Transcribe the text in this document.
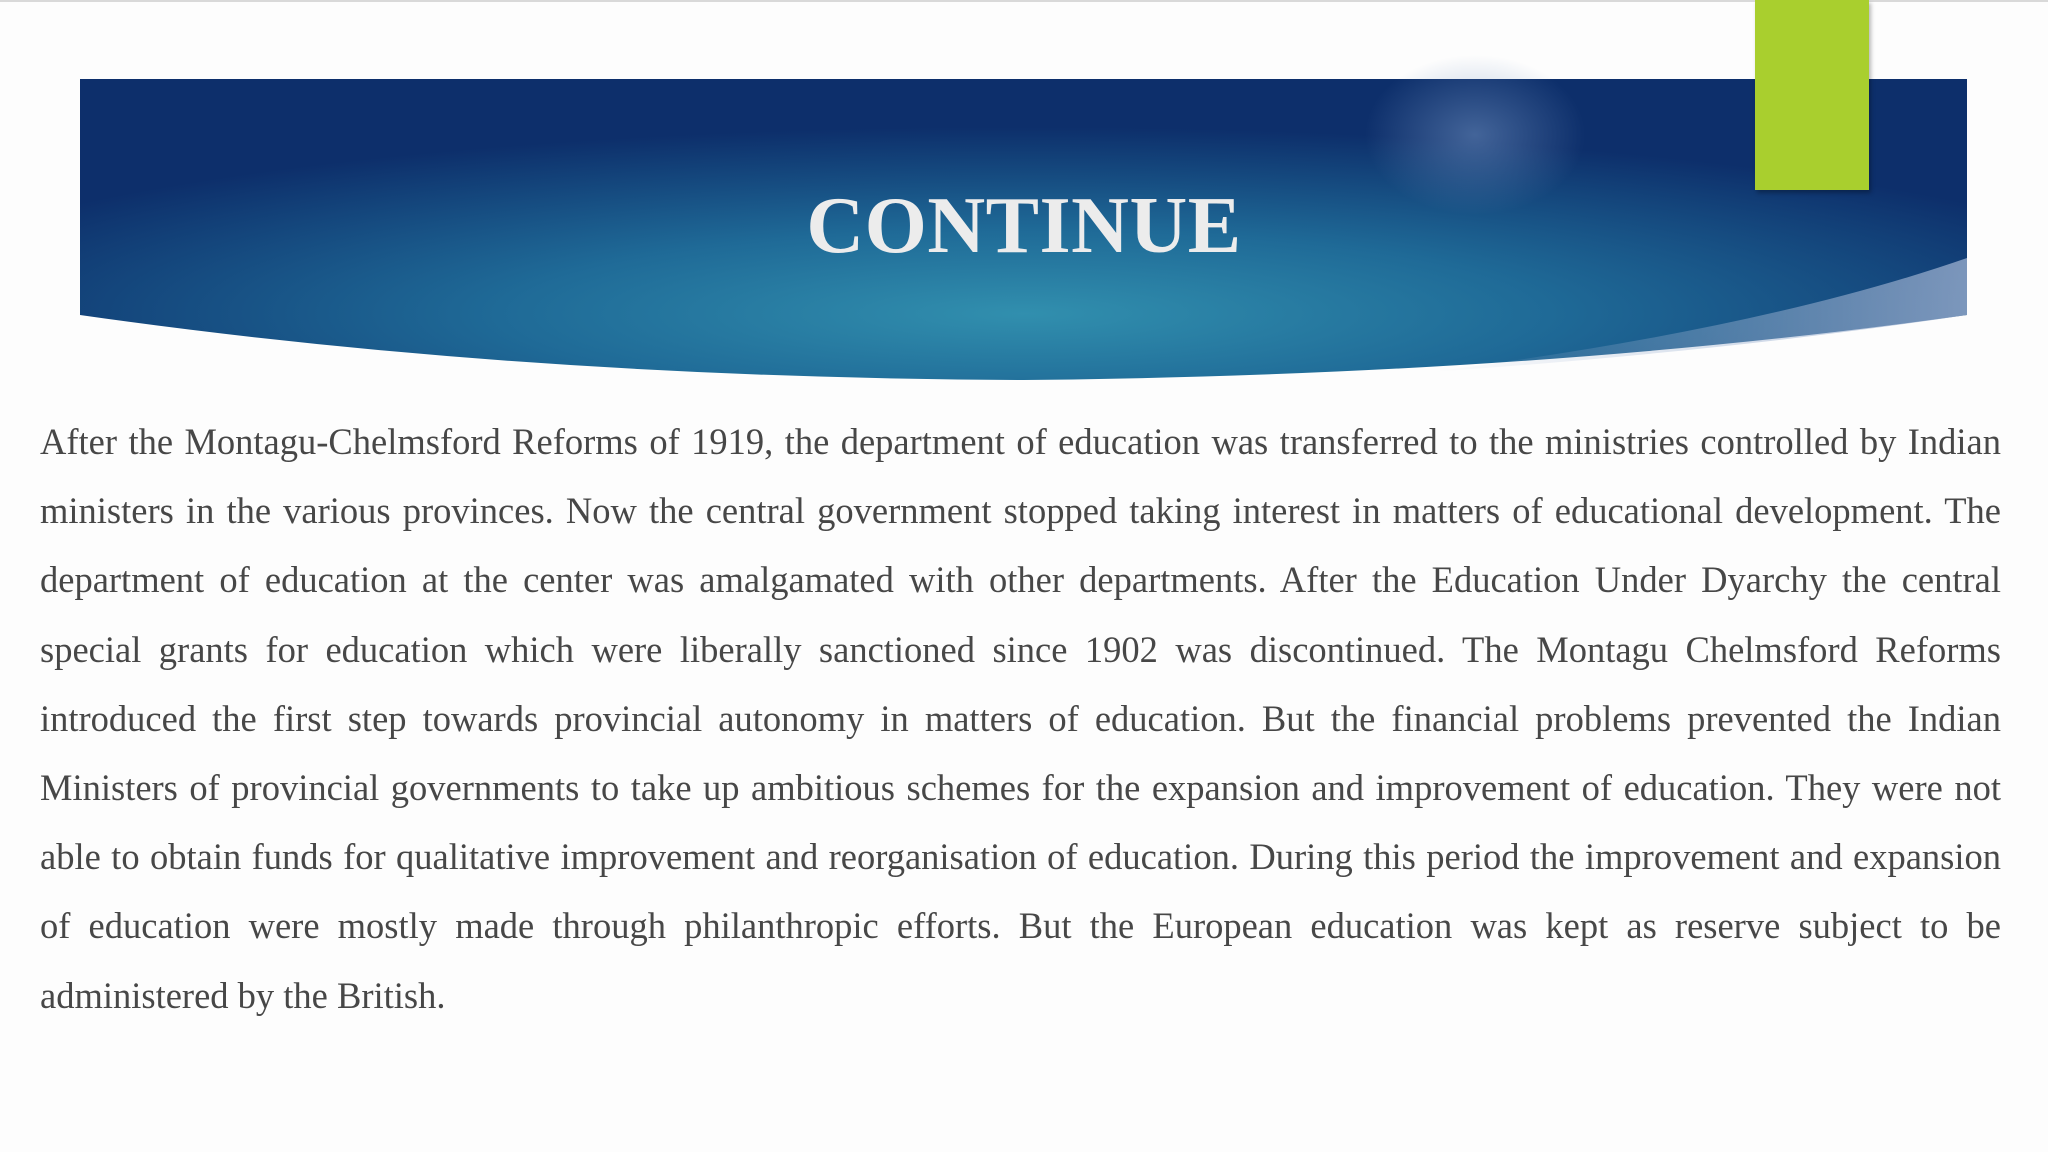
CONTINUE

After the Montagu-Chelmsford Reforms of 1919, the department of education was transferred to the ministries controlled by Indian ministers in the various provinces. Now the central government stopped taking interest in matters of educational development. The department of education at the center was amalgamated with other departments. After the Education Under Dyarchy the central special grants for education which were liberally sanctioned since 1902 was discontinued. The Montagu Chelmsford Reforms introduced the first step towards provincial autonomy in matters of education. But the financial problems prevented the Indian Ministers of provincial governments to take up ambitious schemes for the expansion and improvement of education. They were not able to obtain funds for qualitative improvement and reorganisation of education. During this period the improvement and expansion of education were mostly made through philanthropic efforts. But the European education was kept as reserve subject to be administered by the British.
